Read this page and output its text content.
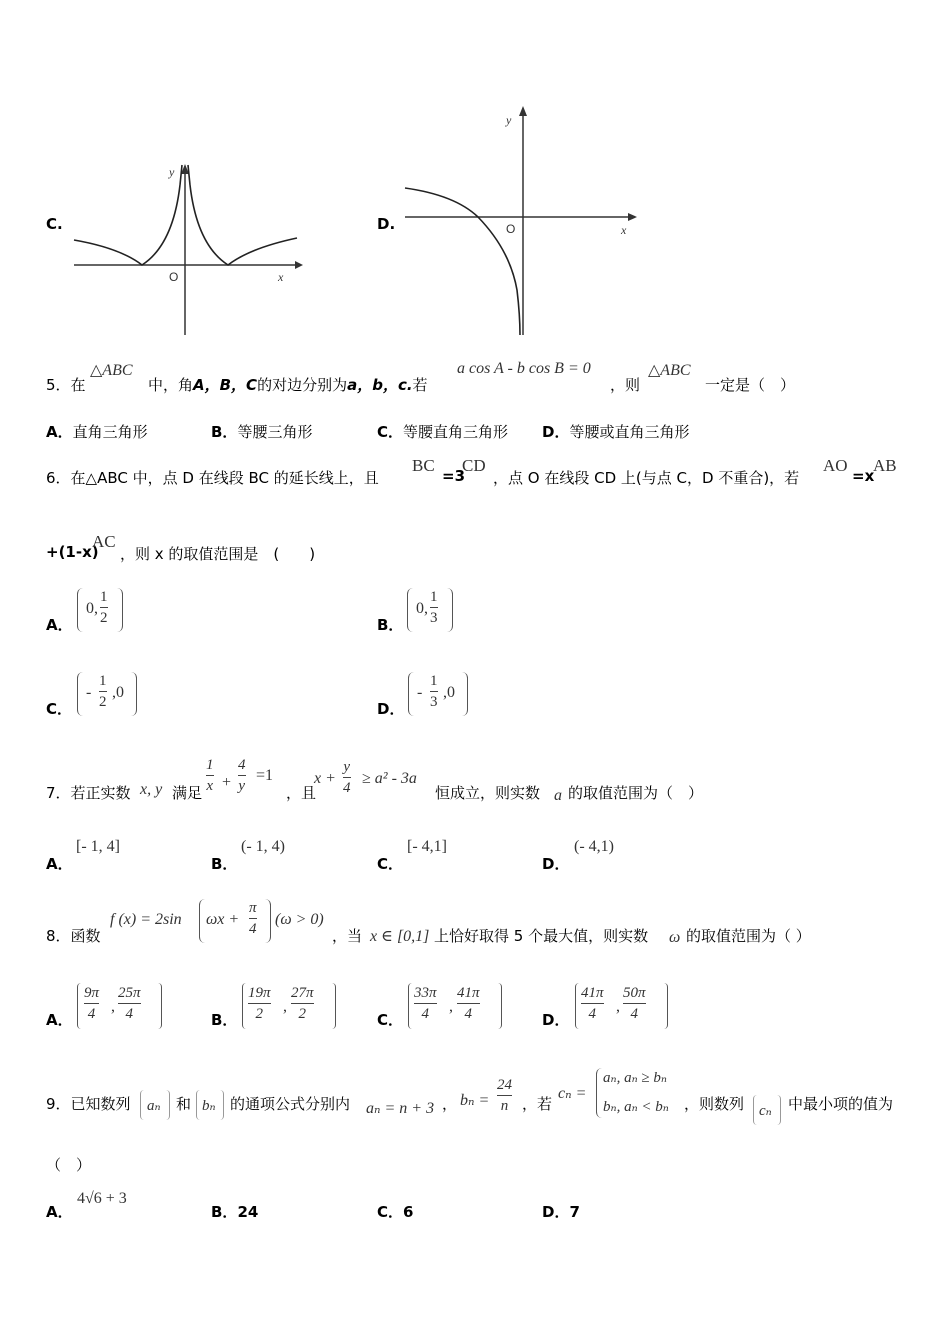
C.
y
x
O
D.
y
x
O
5．在
△ABC
中，角A，B，C的对边分别为a，b，c.若
a cos A - b cos B = 0
，则
△ABC
一定是（　）
A．直角三角形	B．等腰三角形	C．等腰直角三角形 D．等腰或直角三角形
6．在△ABC 中，点 D 在线段 BC 的延长线上，且
BC
=3
CD
，点 O 在线段 CD 上(与点 C，D 不重合)，若
AO
=x
AB
+(1-x)
AC
，则 x 的取值范围是　(　　)
A．
0,
1
2	B．
0,
1
3
C．
-
1
2
,0
D．
-
1
3
,0
7．若正实数 x, y 满足
1
x +
4
y
=1
，且
x +
y
4
≥ a² - 3a
恒成立，则实数 a 的取值范围为（　）
A．
[- 1, 4]
B．
(- 1, 4)
C．
[- 4,1]
D．
(- 4,1)
8．函数
f (x) = 2sin ωx +
π
4
(ω > 0)
，当 x ∈ [0,1] 上恰好取得 5 个最大值，则实数 ω 的取值范围为（ ）
A．
9π
4 ,
25π
4	B．
19π
2	,
27π
2	C．
33π
4	,
41π
4	D．
41π
4	,
50π
4
9．已知数列 aₙ 和 bₙ 的通项公式分别内 aₙ = n + 3 ， bₙ =
24
n ，若
cₙ =
aₙ, aₙ ≥ bₙ
bₙ, aₙ < bₙ ，则数列 cₙ 中最小项的值为
（　）
A．
4√6 + 3
B．24	C．6	D．7
